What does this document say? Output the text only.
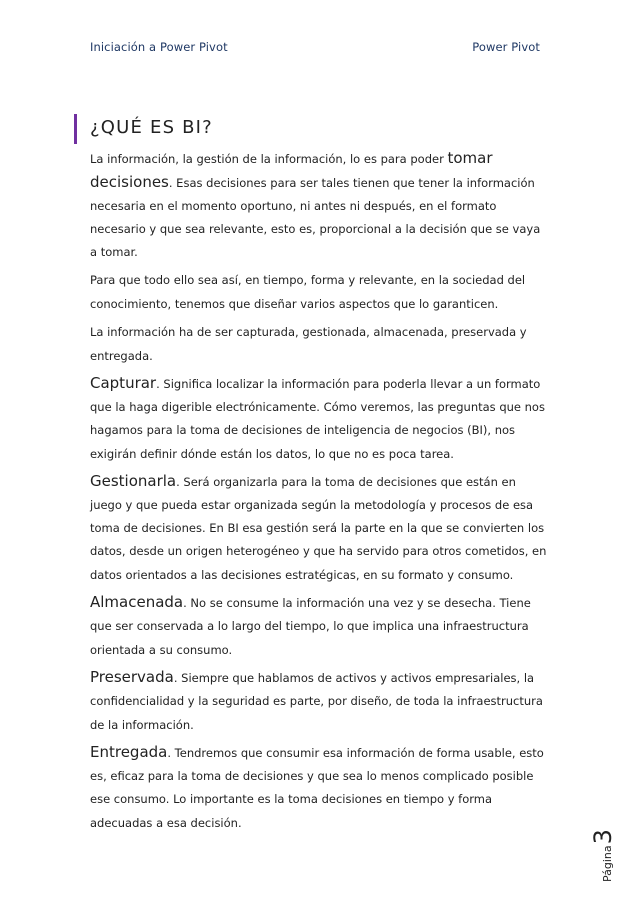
Iniciación a Power Pivot	Power Pivot
¿QUÉ ES BI?

La información, la gestión de la información, lo es para poder tomar decisiones. Esas decisiones para ser tales tienen que tener la información necesaria en el momento oportuno, ni antes ni después, en el formato necesario y que sea relevante, esto es, proporcional a la decisión que se vaya a tomar.

Para que todo ello sea así, en tiempo, forma y relevante, en la sociedad del conocimiento, tenemos que diseñar varios aspectos que lo garanticen.

La información ha de ser capturada, gestionada, almacenada, preservada y entregada.

Capturar. Significa localizar la información para poderla llevar a un formato que la haga digerible electrónicamente. Cómo veremos, las preguntas que nos hagamos para la toma de decisiones de inteligencia de negocios (BI), nos exigirán definir dónde están los datos, lo que no es poca tarea.

Gestionarla. Será organizarla para la toma de decisiones que están en juego y que pueda estar organizada según la metodología y procesos de esa toma de decisiones. En BI esa gestión será la parte en la que se convierten los datos, desde un origen heterogéneo y que ha servido para otros cometidos, en datos orientados a las decisiones estratégicas, en su formato y consumo.

Almacenada. No se consume la información una vez y se desecha. Tiene que ser conservada a lo largo del tiempo, lo que implica una infraestructura orientada a su consumo.

Preservada. Siempre que hablamos de activos y activos empresariales, la confidencialidad y la seguridad es parte, por diseño, de toda la infraestructura de la información.

Entregada. Tendremos que consumir esa información de forma usable, esto es, eficaz para la toma de decisiones y que sea lo menos complicado posible ese consumo. Lo importante es la toma decisiones en tiempo y forma adecuadas a esa decisión.

Página3
